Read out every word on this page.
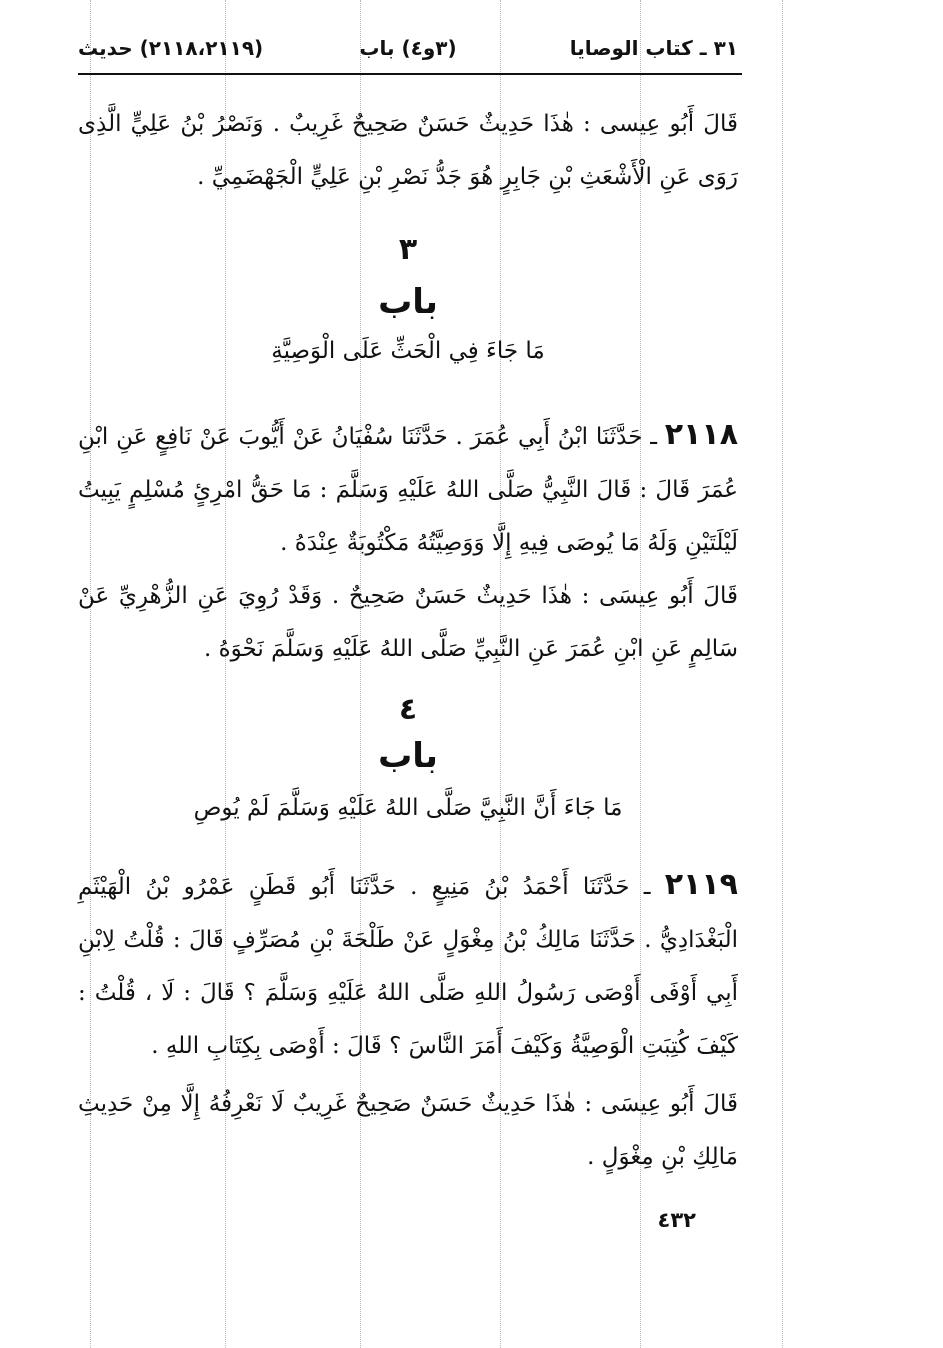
٣١ ـ كتاب الوصايا
(٣و٤) باب
(٢١١٨،٢١١٩) حديث

قَالَ أَبُو عِيسى : هٰذَا حَدِيثٌ حَسَنٌ صَحِيحٌ غَرِيبٌ . وَنَصْرُ بْنُ عَلِيٍّ الَّذِى رَوَى عَنِ الْأَشْعَثِ بْنِ جَابِرٍ هُوَ جَدُّ نَصْرِ بْنِ عَلِيٍّ الْجَهْضَمِيِّ .

٣
باب
مَا جَاءَ فِي الْحَثِّ عَلَى الْوَصِيَّةِ

٢١١٨ ـ حَدَّثَنَا ابْنُ أَبِي عُمَرَ . حَدَّثَنَا سُفْيَانُ عَنْ أَيُّوبَ عَنْ نَافِعٍ عَنِ ابْنِ عُمَرَ قَالَ : قَالَ النَّبِيُّ صَلَّى اللهُ عَلَيْهِ وَسَلَّمَ : مَا حَقُّ امْرِئٍ مُسْلِمٍ يَبِيتُ لَيْلَتَيْنِ وَلَهُ مَا يُوصَى فِيهِ إِلَّا وَوَصِيَّتُهُ مَكْتُوبَةٌ عِنْدَهُ .

قَالَ أَبُو عِيسَى : هٰذَا حَدِيثٌ حَسَنٌ صَحِيحٌ . وَقَدْ رُوِيَ عَنِ الزُّهْرِيِّ عَنْ سَالِمٍ عَنِ ابْنِ عُمَرَ عَنِ النَّبِيِّ صَلَّى اللهُ عَلَيْهِ وَسَلَّمَ نَحْوَهُ .

٤
باب
مَا جَاءَ أَنَّ النَّبِيَّ صَلَّى اللهُ عَلَيْهِ وَسَلَّمَ لَمْ يُوصِ

٢١١٩ ـ حَدَّثَنَا أَحْمَدُ بْنُ مَنِيعٍ . حَدَّثَنَا أَبُو قَطَنٍ عَمْرُو بْنُ الْهَيْثَمِ الْبَغْدَادِيُّ . حَدَّثَنَا مَالِكُ بْنُ مِغْوَلٍ عَنْ طَلْحَةَ بْنِ مُصَرِّفٍ قَالَ : قُلْتُ لِابْنِ أَبِي أَوْفَى أَوْصَى رَسُولُ اللهِ صَلَّى اللهُ عَلَيْهِ وَسَلَّمَ ؟ قَالَ : لَا ، قُلْتُ : كَيْفَ كُتِبَتِ الْوَصِيَّةُ وَكَيْفَ أَمَرَ النَّاسَ ؟ قَالَ : أَوْصَى بِكِتَابِ اللهِ .

قَالَ أَبُو عِيسَى : هٰذَا حَدِيثٌ حَسَنٌ صَحِيحٌ غَرِيبٌ لَا نَعْرِفُهُ إِلَّا مِنْ حَدِيثِ مَالِكِ بْنِ مِغْوَلٍ .

٤٣٢
